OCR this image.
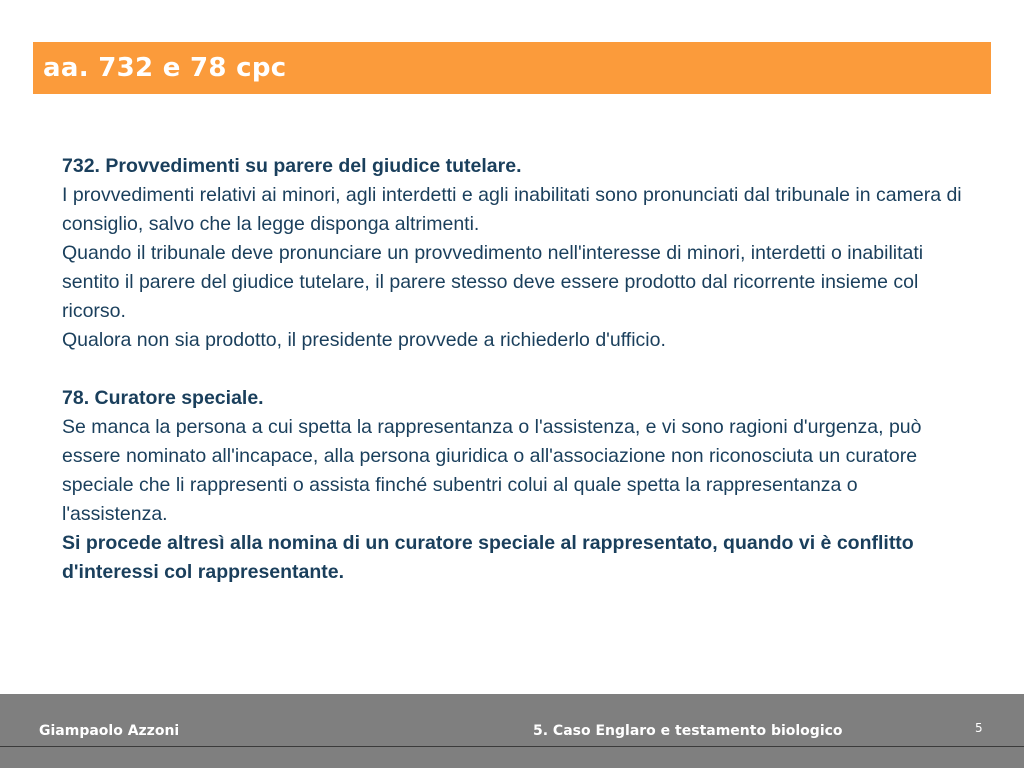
aa. 732 e 78 cpc

732. Provvedimenti su parere del giudice tutelare.

I provvedimenti relativi ai minori, agli interdetti e agli inabilitati sono pronunciati dal tribunale in camera di consiglio, salvo che la legge disponga altrimenti.

Quando il tribunale deve pronunciare un provvedimento nell'interesse di minori, interdetti o inabilitati sentito il parere del giudice tutelare, il parere stesso deve essere prodotto dal ricorrente insieme col ricorso.

Qualora non sia prodotto, il presidente provvede a richiederlo d'ufficio.

78. Curatore speciale.

Se manca la persona a cui spetta la rappresentanza o l'assistenza, e vi sono ragioni d'urgenza, può essere nominato all'incapace, alla persona giuridica o all'associazione non riconosciuta un curatore speciale che li rappresenti o assista finché subentri colui al quale spetta la rappresentanza o l'assistenza.

Si procede altresì alla nomina di un curatore speciale al rappresentato, quando vi è conflitto d'interessi col rappresentante.

Giampaolo Azzoni	5. Caso Englaro e testamento biologico	5
